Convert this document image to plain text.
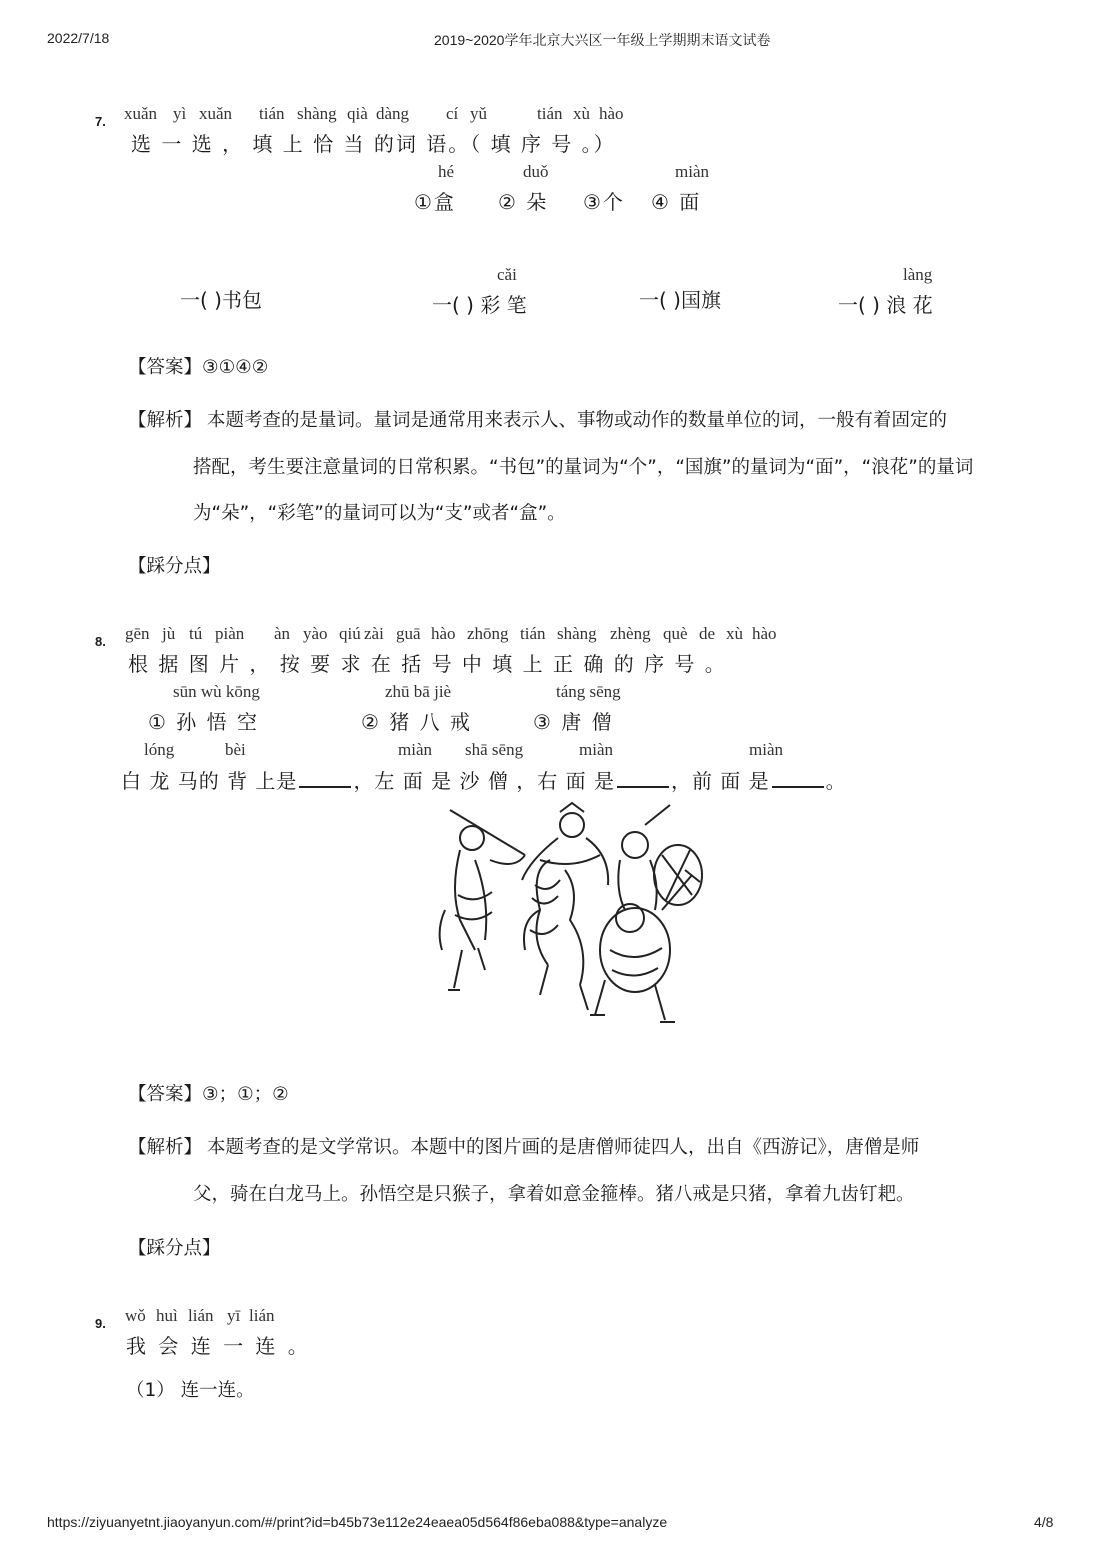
2022/7/18	2019~2020学年北京大兴区一年级上学期期末语文试卷
7. xuǎn yì xuǎn tián shàng qià dàng cí yǔ	tián xù hào
选 一 选 ， 填 上 恰 当 的词 语。（ 填 序 号 。）
hé	duǒ	miàn
①盒 ② 朵 ③个 ④ 面
一( )书包
cǎi
一( ) 彩 笔	一( )国旗
làng
一( ) 浪 花
【答案】③①④②
【解析】 本题考查的是量词。量词是通常用来表示人、事物或动作的数量单位的词，一般有着固定的
搭配，考生要注意量词的日常积累。“书包”的量词为“个”，“国旗”的量词为“面”，“浪花”的量词
为“朵”，“彩笔”的量词可以为“支”或者“盒”。
【踩分点】
8. gēn jù tú piàn àn yào qiú zài guā hào zhōng tián shàng zhèng què de xù hào
根 据 图 片 ， 按 要 求 在 括 号 中 填 上 正 确 的 序 号 。
sūn wù kōng
① 孙 悟 空
zhū bā jiè
② 猪 八 戒
táng sēng
③ 唐 僧
lóng	bèi	miàn shā sēng	miàn	miàn
白 龙 马的 背 上是	，左 面 是 沙 僧 ，右 面 是	，前 面 是	。
【答案】③；①；②
【解析】 本题考查的是文学常识。本题中的图片画的是唐僧师徒四人，出自《西游记》，唐僧是师
父，骑在白龙马上。孙悟空是只猴子，拿着如意金箍棒。猪八戒是只猪，拿着九齿钉耙。
【踩分点】
9. wǒ huì lián yī lián
我 会 连 一 连 。
（1） 连一连。
https://ziyuanyetnt.jiaoyanyun.com/#/print?id=b45b73e112e24eaea05d564f86eba088&type=analyze	4/8
